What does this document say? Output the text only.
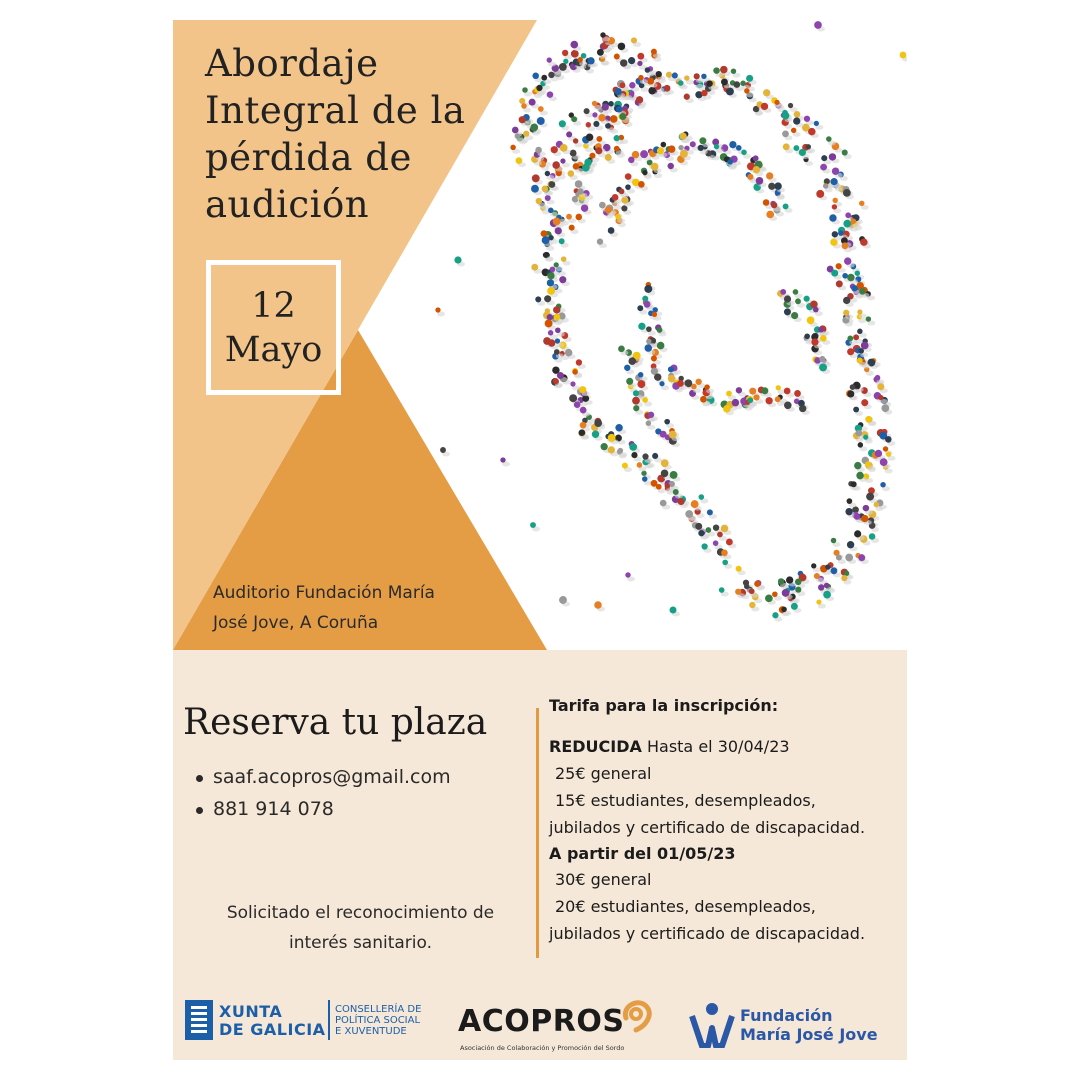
Abordaje
Integral de la
pérdida de
audición
12
Mayo
Auditorio Fundación María
José Jove, A Coruña
Reserva tu plaza
saaf.acopros@gmail.com
881 914 078
Solicitado el reconocimiento de
interés sanitario.
Tarifa para la inscripción:
REDUCIDA Hasta el 30/04/23
25€ general
15€ estudiantes, desempleados,
jubilados y certificado de discapacidad.
A partir del 01/05/23
30€ general
20€ estudiantes, desempleados,
jubilados y certificado de discapacidad.
XUNTA
DE GALICIA
CONSELLERÍA DE
POLÍTICA SOCIAL
E XUVENTUDE ACOPROS
Asociación de Colaboración y Promoción del Sordo
Fundación
María José Jove
